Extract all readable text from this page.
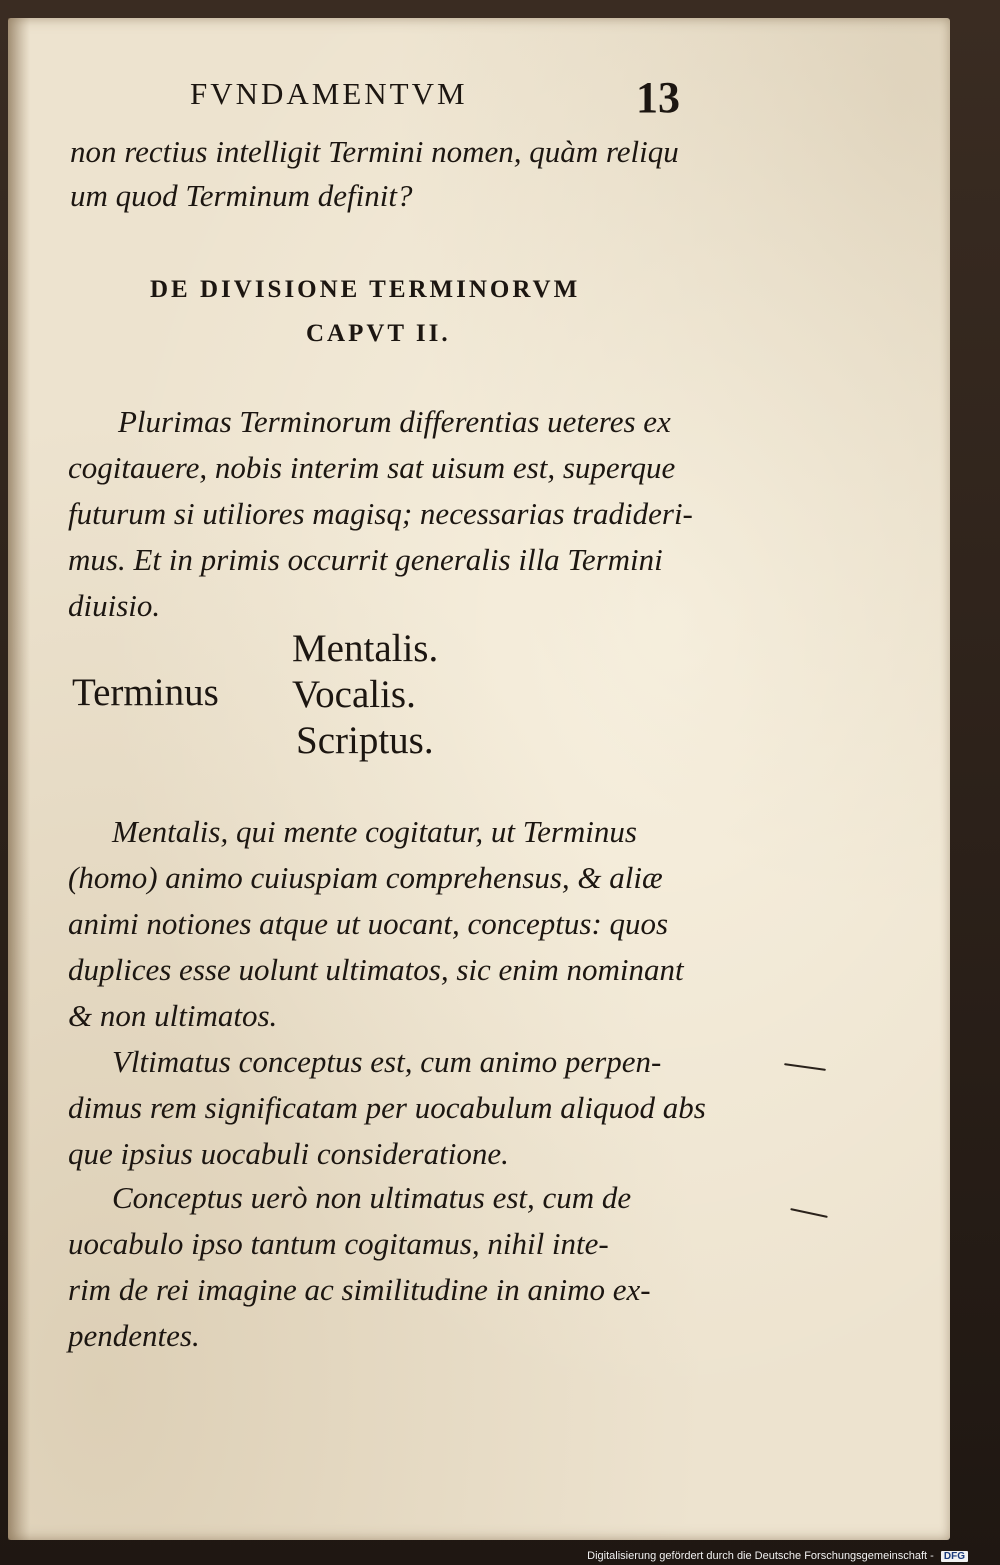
FVNDAMENTVM	13
non rectius intelligit Termini nomen, quàm reliqu
um quod Terminum definit?
DE DIVISIONE TERMINORVM
CAPVT II.
Plurimas Terminorum differentias ueteres ex
cogitauere, nobis interim sat uisum est, superque
futurum si utiliores magisq; necessarias tradideri-
mus. Et in primis occurrit generalis illa Termini
diuisio.
Terminus
Mentalis.
Vocalis.
Scriptus.
Mentalis, qui mente cogitatur, ut Terminus
(homo) animo cuiuspiam comprehensus, & aliæ
animi notiones atque ut uocant, conceptus: quos
duplices esse uolunt ultimatos, sic enim nominant
& non ultimatos.
Vltimatus conceptus est, cum animo perpen-
dimus rem significatam per uocabulum aliquod abs
que ipsius uocabuli consideratione.
Conceptus uerò non ultimatus est, cum de
uocabulo ipso tantum cogitamus, nihil inte-
rim de rei imagine ac similitudine in animo ex-
pendentes.
Digitalisierung gefördert durch die Deutsche Forschungsgemeinschaft - DFG
